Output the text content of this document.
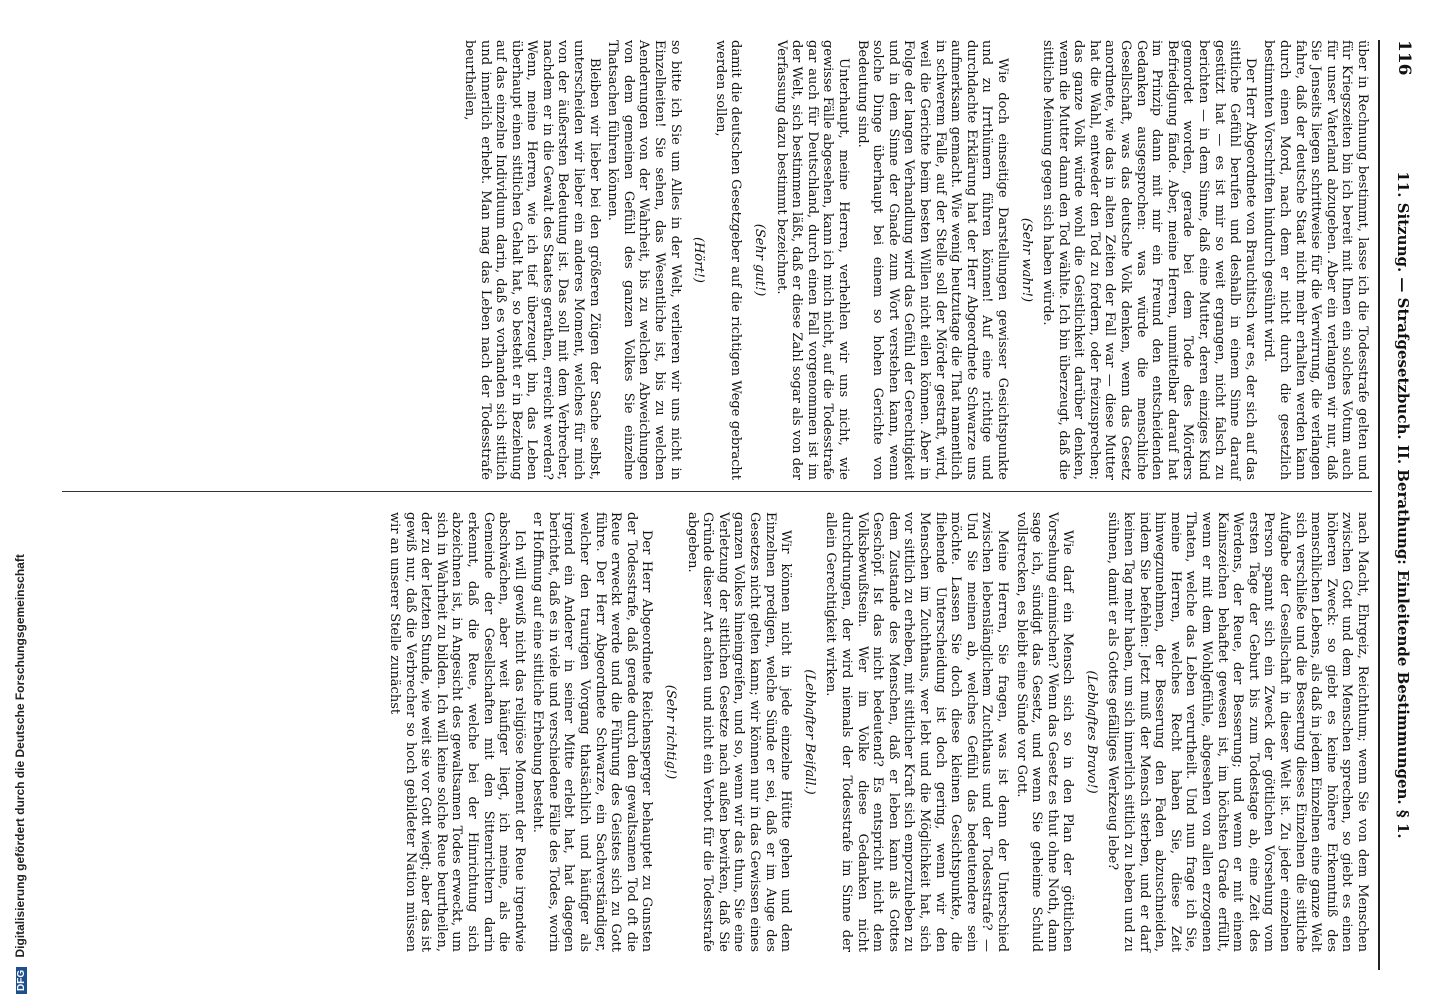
DFG Digitalisierung gefördert durch die Deutsche Forschungsgemeinschaft
116
11. Sitzung. — Strafgesetzbuch. II. Berathung: Einleitende Bestimmungen. § 1.

über in Rechnung bestimmt, lasse ich die Todesstrafe gelten und für Kriegszeiten bin ich bereit mit Ihnen ein solches Votum auch für unser Vaterland abzugeben. Aber ein verlangen wir nur, daß Sie Jenseits liegen schrittweise für die Verwirrung, die verlangen fahre, daß der deutsche Staat nicht mehr erhalten werden kann durch einen Mord, nach dem er nicht durch die gesetzlich bestimmten Vorschriften hindurch gesühnt wird.

Der Herr Abgeordnete von Brauchitsch war es, der sich auf das sittliche Gefühl berufen und deshalb in einem Sinne darauf gestützt hat — es ist mir so weit ergangen, nicht falsch zu berichten — in dem Sinne, daß eine Mutter, deren einziges Kind gemordet worden, gerade bei dem Tode des Mörders Befriedigung fände. Aber, meine Herren, unmittelbar darauf hat im Prinzip dann mit mir ein Freund den entscheidenden Gedanken ausgesprochen: was würde die menschliche Gesellschaft, was das deutsche Volk denken, wenn das Gesetz anordnete, wie das in alten Zeiten der Fall war — diese Mutter hat die Wahl, entweder den Tod zu fordern, oder freizusprechen; das ganze Volk würde wohl die Geistlichkeit darüber denken, wenn die Mutter dann den Tod wählte. Ich bin überzeugt, daß die sittliche Meinung gegen sich haben würde.

(Sehr wahr!)

Wie doch einseitige Darstellungen gewisser Gesichtspunkte und zu Irrthümern führen können! Auf eine richtige und durchdachte Erklärung hat der Herr Abgeordnete Schwarze uns aufmerksam gemacht. Wie wenig heutzutage die That namentlich in schwerem Falle, auf der Stelle soll der Mörder gestraft, wird, weil die Gerichte beim besten Willen nicht eilen können. Aber in Folge der langen Verhandlung wird das Gefühl der Gerechtigkeit und in dem Sinne der Gnade zum Wort verstehen kann, wenn solche Dinge überhaupt bei einem so hohen Gerichte von Bedeutung sind.

Unterhaupt, meine Herren, verhehlen wir uns nicht, wie gewisse Fälle abgesehen, kann ich mich nicht, auf die Todesstrafe gar auch für Deutschland, durch einen Fall vorgenommen ist im der Welt, sich bestimmen läßt, daß er diese Zahl sogar als von der Verfassung dazu bestimmt bezeichnet.

(Sehr gut!)

damit die deutschen Gesetzgeber auf die richtigen Wege gebracht werden sollen,

(Hört!)

so bitte ich Sie um Alles in der Welt, verlieren wir uns nicht in Einzelheiten! Sie sehen, das Wesentliche ist, bis zu welchen Aenderungen von der Wahrheit, bis zu welchen Abweichungen von dem gemeinen Gefühl des ganzen Volkes Sie einzelne Thatsachen führen können.

Bleiben wir lieber bei den größeren Zügen der Sache selbst, unterscheiden wir lieber ein anderes Moment, welches für mich von der äußersten Bedeutung ist. Das soll mit dem Verbrecher, nachdem er in die Gewalt des Staates gerathen, erreicht werden? Wenn, meine Herren, wie ich tief überzeugt bin, das Leben überhaupt einen sittlichen Gehalt hat, so besteht er in Beziehung auf das einzelne Individuum darin, daß es vorhanden sich sittlich und innerlich erhebt. Man mag das Leben nach der Todesstrafe beurtheilen,

nach Macht, Ehrgeiz, Reichthum; wenn Sie von dem Menschen zwischen Gott und dem Menschen sprechen, so giebt es einen höheren Zweck: so giebt es keine höhere Erkenntniß des menschlichen Lebens, als daß in jedem Einzelnen eine ganze Welt sich verschließe und die Besserung dieses Einzelnen die sittliche Aufgabe der Gesellschaft in dieser Welt ist. Zu jeder einzelnen Person spannt sich ein Zweck der göttlichen Vorsehung vom ersten Tage der Geburt bis zum Todestage ab, eine Zeit des Werdens, der Reue, der Besserung; und wenn er mit einem Kainszeichen behaftet gewesen ist, im höchsten Grade erfüllt, wenn er mit dem Wohlgefühle, abgesehen von allen erzogenen Thaten, welche das Leben verurtheilt. Und nun frage ich Sie, meine Herren, welches Recht haben Sie, diese Zeit hinwegzunehmen, der Besserung den Faden abzuschneiden, indem Sie befehlen: Jetzt muß der Mensch sterben, und er darf keinen Tag mehr haben, um sich innerlich sittlich zu heben und zu sühnen, damit er als Gottes gefälliges Werkzeug lebe?

(Lebhaftes Bravo!)

Wie darf ein Mensch sich so in den Plan der göttlichen Vorsehung einmischen? Wenn das Gesetz es thut ohne Noth, dann sage ich, sündigt das Gesetz, und wenn Sie geheime Schuld vollstrecken, es bleibt eine Sünde vor Gott.

Meine Herren, Sie fragen, was ist denn der Unterschied zwischen lebenslänglichem Zuchthaus und der Todesstrafe? — Und Sie meinen ab, welches Gefühl das bedeutendere sein möchte. Lassen Sie doch diese kleinen Gesichtspunkte, die fliehende Unterscheidung ist doch gering, wenn wir den Menschen im Zuchthaus, wer lebt und die Möglichkeit hat, sich vor sittlich zu erheben, mit sittlicher Kraft sich emporzuheben zu dem Zustande des Menschen, daß er leben kann als Gottes Geschöpf. Ist das nicht bedeutend? Es entspricht nicht dem Volksbewußtsein. Wer im Volke diese Gedanken nicht durchdrungen, der wird niemals der Todesstrafe im Sinne der allein Gerechtigkeit wirken.

(Lebhafter Beifall.)

Wir können nicht in jede einzelne Hütte gehen und dem Einzelnen predigen, welche Sünde er sei, daß er im Auge des Gesetzes nicht gelten kann; wir können nur in das Gewissen eines ganzen Volkes hineingreifen, und so, wenn wir das thun, Sie eine Verletzung der sittlichen Gesetze nach außen bewirken, daß Sie Gründe dieser Art achten und nicht ein Verbot für die Todesstrafe abgeben.

(Sehr richtig!)

Der Herr Abgeordnete Reichensperger behauptet zu Gunsten der Todesstrafe, daß gerade durch den gewaltsamen Tod oft die Reue erweckt werde und die Führung des Geistes sich zu Gott führe. Der Herr Abgeordnete Schwarze, ein Sachverständiger, welcher den traurigen Vorgang thatsächlich und häufiger als irgend ein Anderer in seiner Mitte erlebt hat, hat dagegen berichtet, daß es in viele und verschiedene Fälle des Todes, worin er Hoffnung auf eine sittliche Erhebung besteht.

Ich will gewiß nicht das religiöse Moment der Reue irgendwie abschwächen, aber weit häufiger liegt, ich meine, als die Gemeinde der Gesellschaften mit den Sittenrichtern darin erkennt, daß die Reue, welche bei der Hinrichtung sich abzeichnen ist, in Angesicht des gewaltsamen Todes erweckt, um sich in Wahrheit zu bilden. Ich will keine solche Reue beurtheilen, der zu der letzten Stunde, wie weit sie vor Gott wiegt; aber das ist gewiß nur, daß die Verbrecher so hoch gebildeter Nation müssen wir an unserer Stelle zunächst
